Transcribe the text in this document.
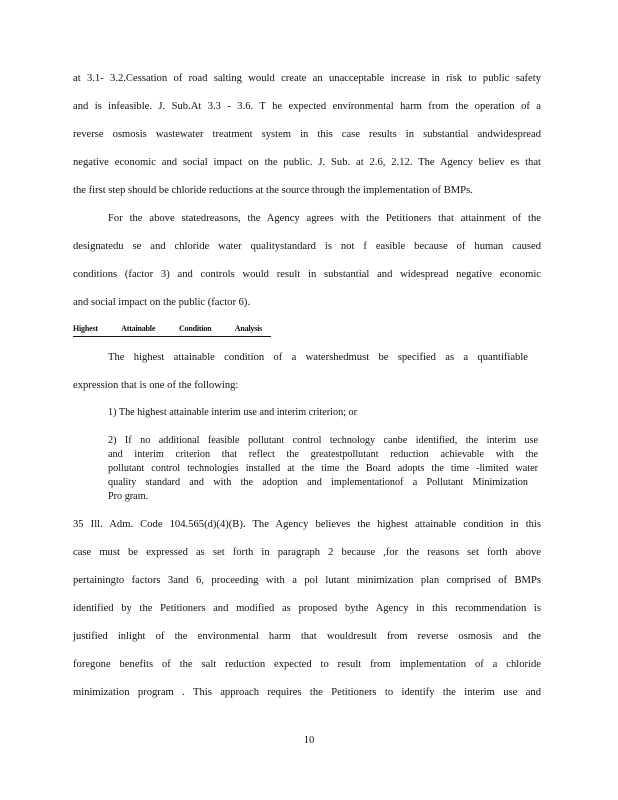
at 3.1- 3.2.Cessation of road salting would create an unacceptable increase in risk to public safety
and is infeasible. J. Sub.At 3.3 - 3.6. T he expected environmental harm from the operation of a
reverse osmosis wastewater treatment system in this case results in substantial andwidespread
negative economic and social impact on the public. J. Sub. at 2.6, 2.12. The Agency believ es that
the first step should be chloride reductions at the source through the implementation of BMPs.
For the above statedreasons, the Agency agrees with the Petitioners that attainment of the
designatedu se and chloride water qualitystandard is not f easible because of human caused
conditions (factor 3) and controls would result in substantial and widespread negative economic
and social impact on the public (factor 6).
Highest Attainable Condition Analysis
The highest attainable condition of a watershedmust be specified as a quantifiable
expression that is one of the following:
1) The highest attainable interim use and interim criterion; or
2) If no additional feasible pollutant control technology canbe identified, the interim use
and interim criterion that reflect the greatestpollutant reduction achievable with the
pollutant control technologies installed at the time the Board adopts the time -limited water
quality standard and with the adoption and implementationof a Pollutant Minimization
Pro gram.
35 Ill. Adm. Code 104.565(d)(4)(B). The Agency believes the highest attainable condition in this
case must be expressed as set forth in paragraph 2 because ,for the reasons set forth above
pertainingto factors 3and 6, proceeding with a pol lutant minimization plan comprised of BMPs
identified by the Petitioners and modified as proposed bythe Agency in this recommendation is
justified inlight of the environmental harm that wouldresult from reverse osmosis and the
foregone benefits of the salt reduction expected to result from implementation of a chloride
minimization program . This approach requires the Petitioners to identify the interim use and
10
